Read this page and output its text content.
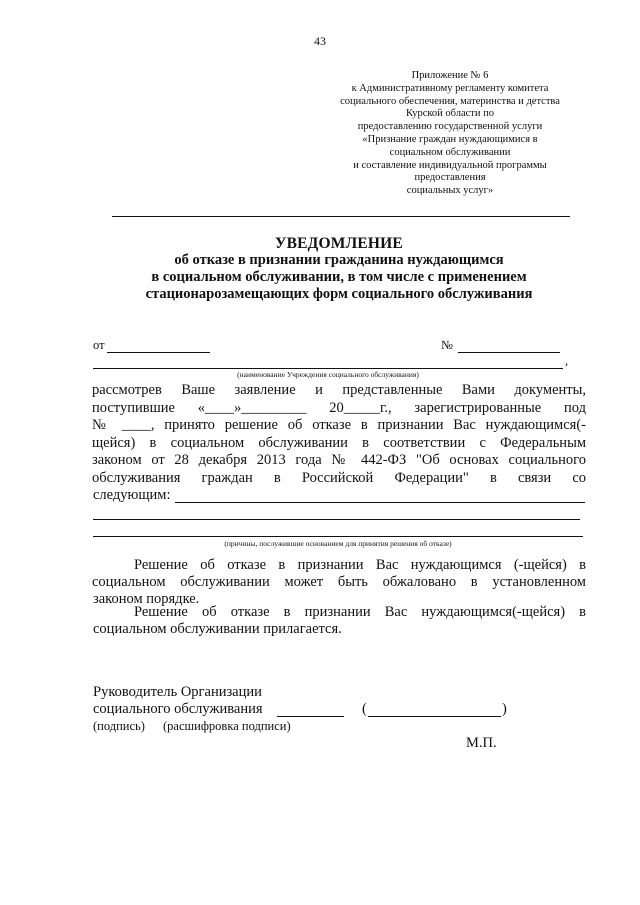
43
Приложение № 6
к Административному регламенту комитета
социального обеспечения, материнства и детства
Курской области по
предоставлению государственной услуги
«Признание граждан нуждающимися в
социальном обслуживании
и составление индивидуальной программы
предоставления
социальных услуг»
УВЕДОМЛЕНИЕ
об отказе в признании гражданина нуждающимся
в социальном обслуживании, в том числе с применением
стационарозамещающих форм социального обслуживания
от	№
,
(наименование Учреждения социального обслуживания)
рассмотрев Ваше заявление и представленные Вами документы,
поступившие «____»_________ 20_____г., зарегистрированные под
№ ____, принято решение об отказе в признании Вас нуждающимся(-
щейся) в социальном обслуживании в соответствии с Федеральным
законом от 28 декабря 2013 года № 442-ФЗ "Об основах социального
обслуживания граждан в Российской Федерации" в связи со
следующим:
(причины, послужившие основанием для принятия решения об отказе)
Решение об отказе в признании Вас нуждающимся (-щейся) в
социальном обслуживании может быть обжаловано в установленном
законом порядке.
Решение об отказе в признании Вас нуждающимся(-щейся) в
социальном обслуживании прилагается.
Руководитель Организации
социального обслуживания	(	)
(подпись) (расшифровка подписи)
М.П.
